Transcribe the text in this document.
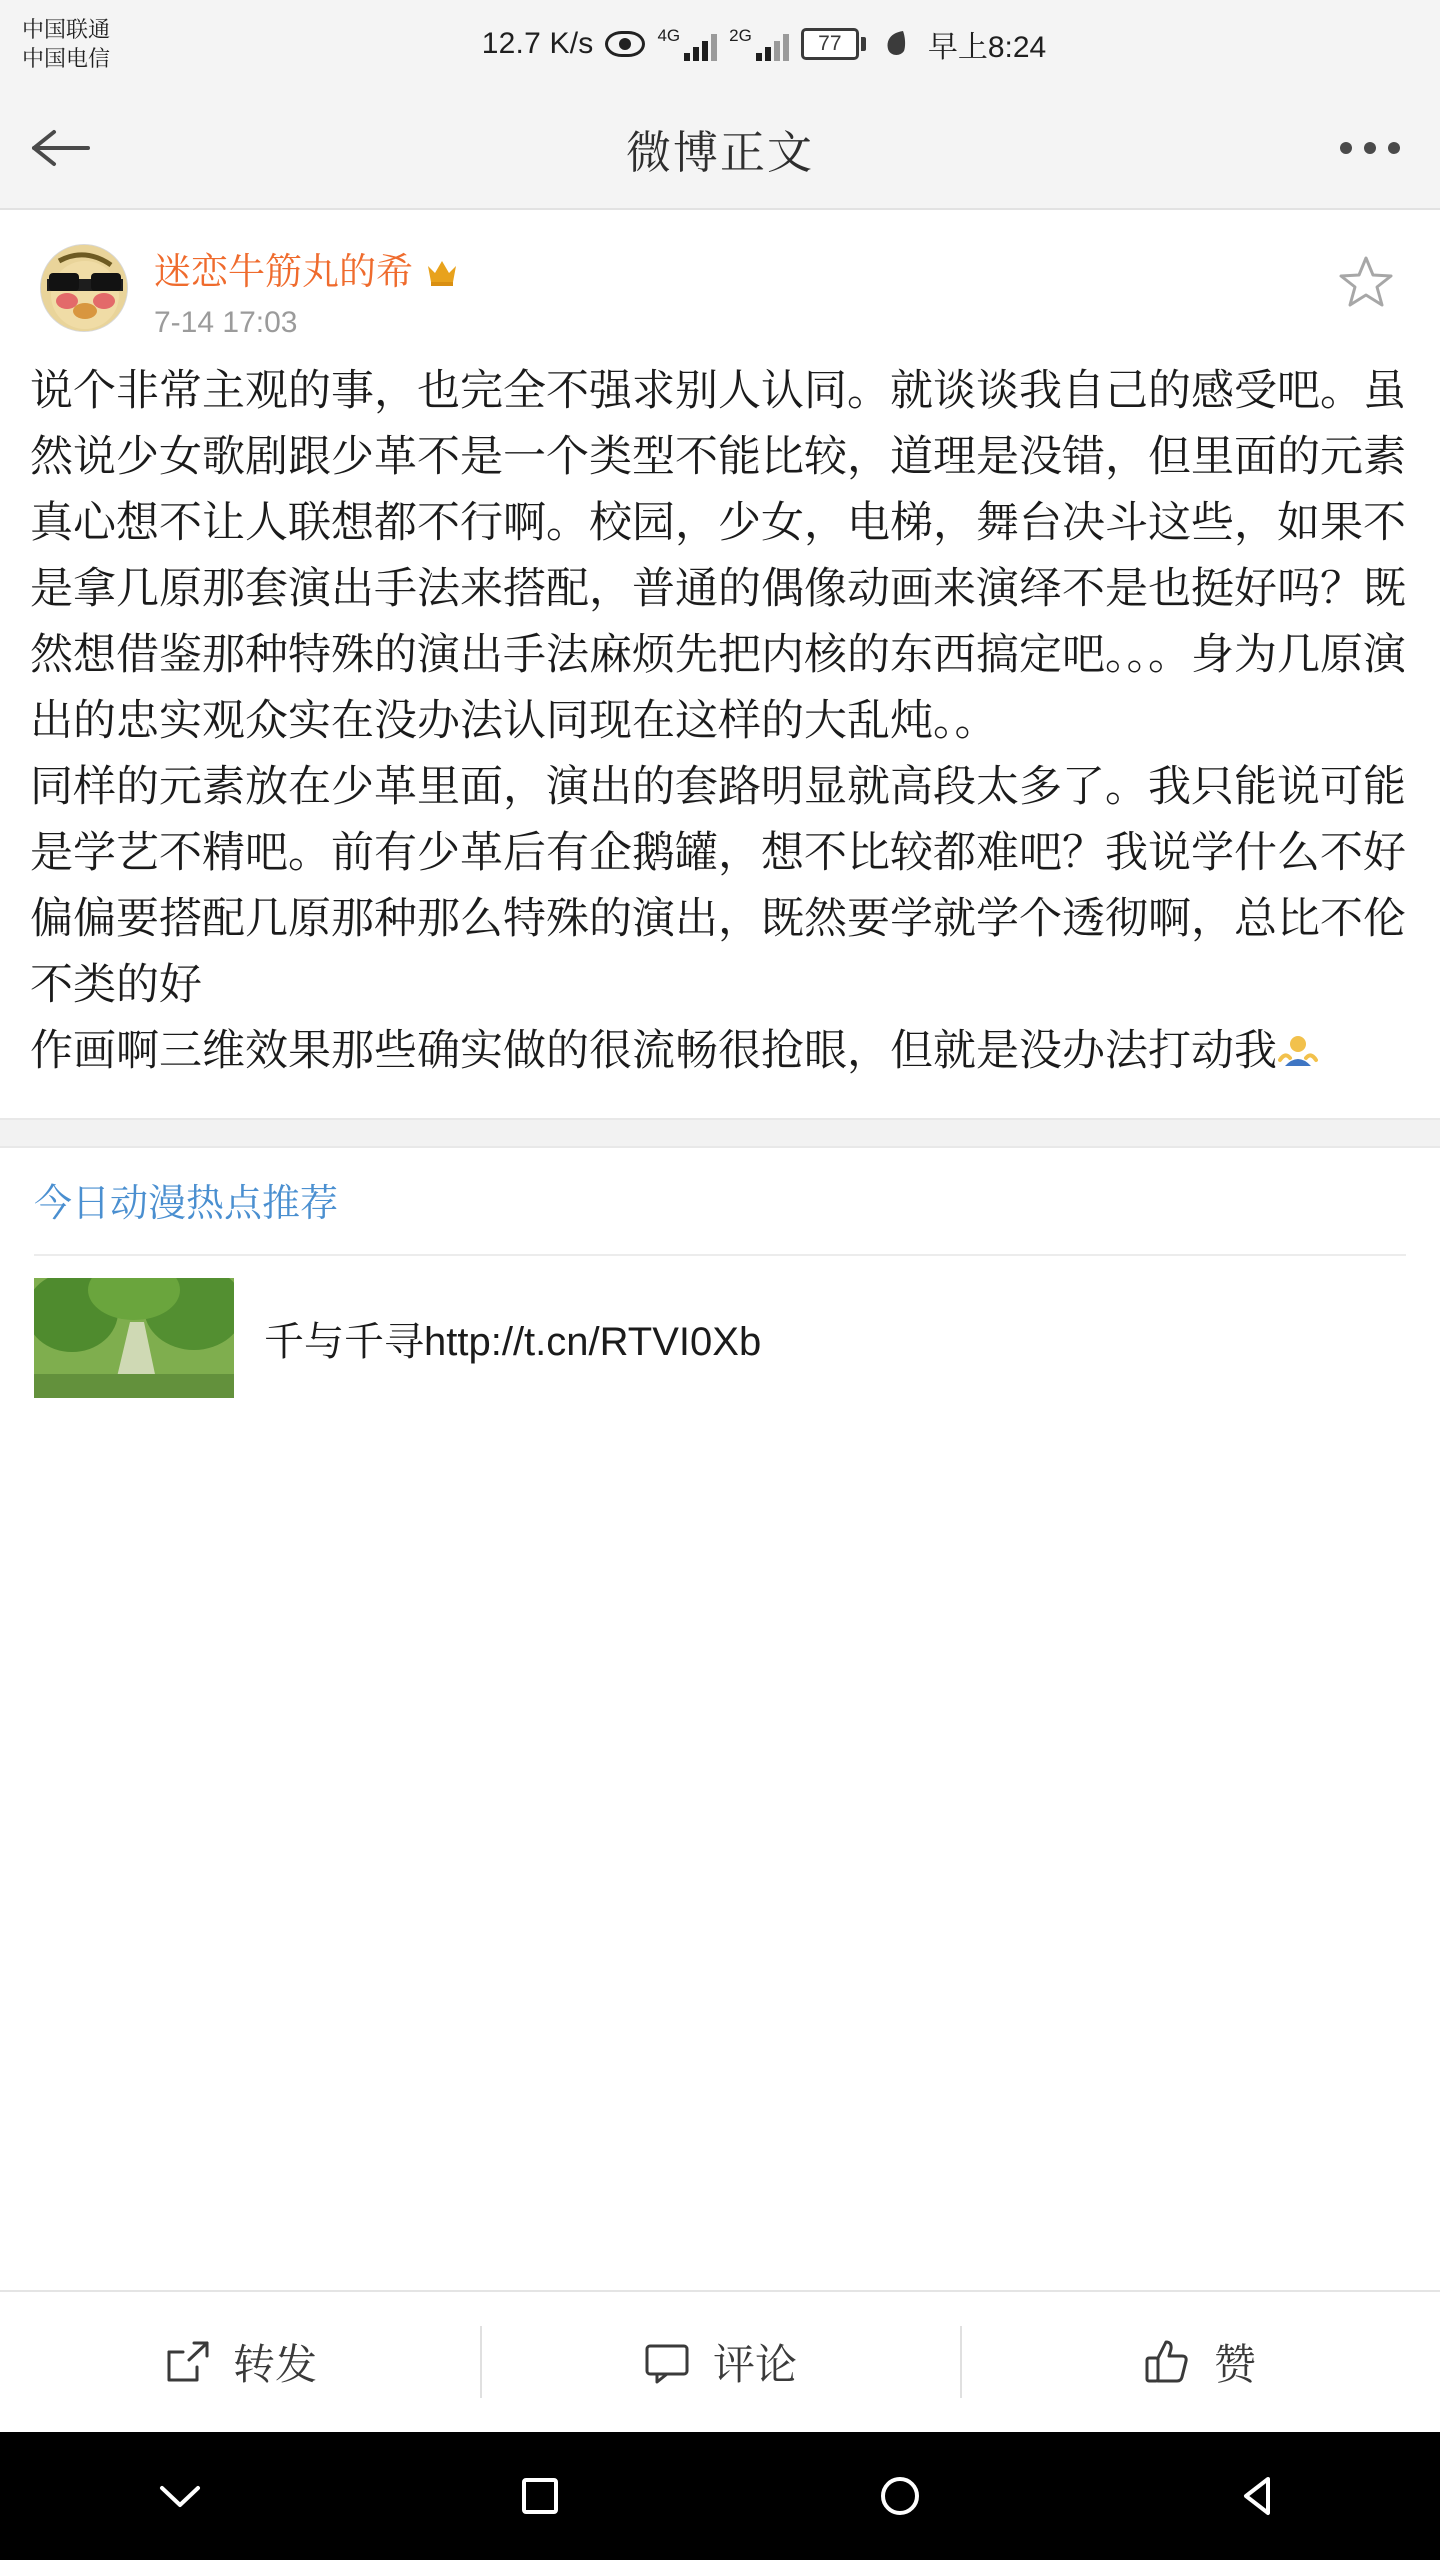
中国联通
中国电信	12.7 K/s	4G	2G	77	早上8:24
微博正文
迷恋牛筋丸的希
7-14 17:03

说个非常主观的事，也完全不强求别人认同。就谈谈我自己的感受吧。虽然说少女歌剧跟少革不是一个类型不能比较，道理是没错，但里面的元素真心想不让人联想都不行啊。校园，少女，电梯，舞台决斗这些，如果不是拿几原那套演出手法来搭配，普通的偶像动画来演绎不是也挺好吗？既然想借鉴那种特殊的演出手法麻烦先把内核的东西搞定吧。。。身为几原演出的忠实观众实在没办法认同现在这样的大乱炖。。

同样的元素放在少革里面，演出的套路明显就高段太多了。我只能说可能是学艺不精吧。前有少革后有企鹅罐，想不比较都难吧？我说学什么不好偏偏要搭配几原那种那么特殊的演出，既然要学就学个透彻啊，总比不伦不类的好

作画啊三维效果那些确实做的很流畅很抢眼，但就是没办法打动我

今日动漫热点推荐
千与千寻http://t.cn/RTVI0Xb
转发	评论	赞
